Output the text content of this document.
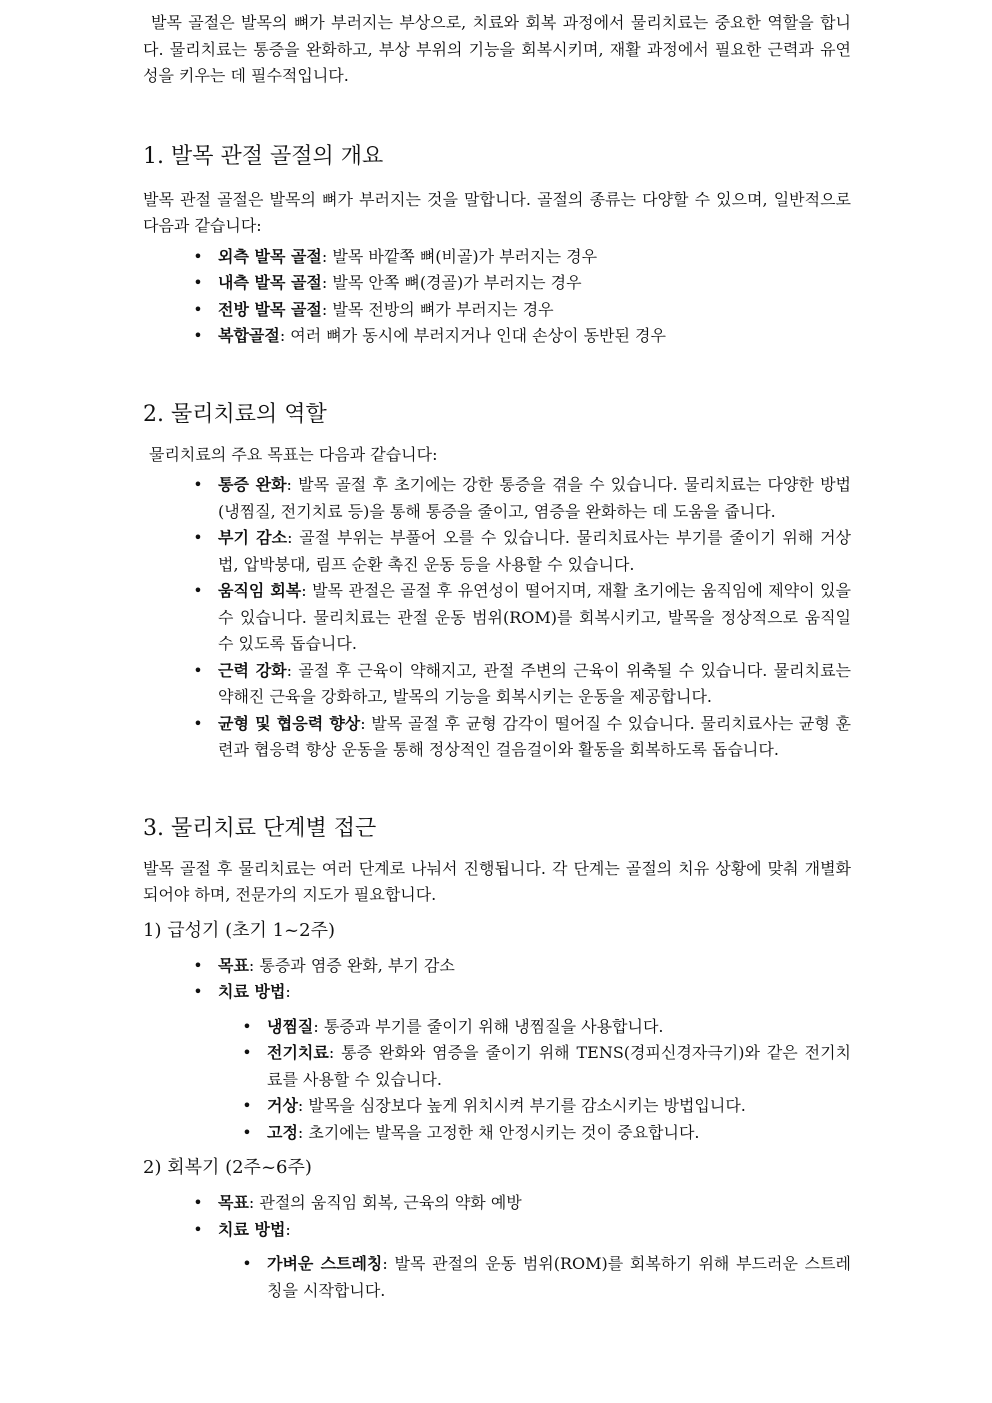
발목 골절은 발목의 뼈가 부러지는 부상으로, 치료와 회복 과정에서 물리치료는 중요한 역할을 합니다. 물리치료는 통증을 완화하고, 부상 부위의 기능을 회복시키며, 재활 과정에서 필요한 근력과 유연성을 키우는 데 필수적입니다.

1. 발목 관절 골절의 개요

발목 관절 골절은 발목의 뼈가 부러지는 것을 말합니다. 골절의 종류는 다양할 수 있으며, 일반적으로 다음과 같습니다:

• 외측 발목 골절: 발목 바깥쪽 뼈(비골)가 부러지는 경우
• 내측 발목 골절: 발목 안쪽 뼈(경골)가 부러지는 경우
• 전방 발목 골절: 발목 전방의 뼈가 부러지는 경우
• 복합골절: 여러 뼈가 동시에 부러지거나 인대 손상이 동반된 경우
2. 물리치료의 역할

물리치료의 주요 목표는 다음과 같습니다:

• 통증 완화: 발목 골절 후 초기에는 강한 통증을 겪을 수 있습니다. 물리치료는 다양한 방법(냉찜질, 전기치료 등)을 통해 통증을 줄이고, 염증을 완화하는 데 도움을 줍니다.
• 부기 감소: 골절 부위는 부풀어 오를 수 있습니다. 물리치료사는 부기를 줄이기 위해 거상법, 압박붕대, 림프 순환 촉진 운동 등을 사용할 수 있습니다.
• 움직임 회복: 발목 관절은 골절 후 유연성이 떨어지며, 재활 초기에는 움직임에 제약이 있을 수 있습니다. 물리치료는 관절 운동 범위(ROM)를 회복시키고, 발목을 정상적으로 움직일 수 있도록 돕습니다.
• 근력 강화: 골절 후 근육이 약해지고, 관절 주변의 근육이 위축될 수 있습니다. 물리치료는 약해진 근육을 강화하고, 발목의 기능을 회복시키는 운동을 제공합니다.
• 균형 및 협응력 향상: 발목 골절 후 균형 감각이 떨어질 수 있습니다. 물리치료사는 균형 훈련과 협응력 향상 운동을 통해 정상적인 걸음걸이와 활동을 회복하도록 돕습니다.
3. 물리치료 단계별 접근

발목 골절 후 물리치료는 여러 단계로 나눠서 진행됩니다. 각 단계는 골절의 치유 상황에 맞춰 개별화되어야 하며, 전문가의 지도가 필요합니다.

1) 급성기 (초기 1~2주)
• 목표: 통증과 염증 완화, 부기 감소
• 치료 방법:
• 냉찜질: 통증과 부기를 줄이기 위해 냉찜질을 사용합니다.
• 전기치료: 통증 완화와 염증을 줄이기 위해 TENS(경피신경자극기)와 같은 전기치료를 사용할 수 있습니다.
• 거상: 발목을 심장보다 높게 위치시켜 부기를 감소시키는 방법입니다.
• 고정: 초기에는 발목을 고정한 채 안정시키는 것이 중요합니다.
2) 회복기 (2주~6주)
• 목표: 관절의 움직임 회복, 근육의 약화 예방
• 치료 방법:
• 가벼운 스트레칭: 발목 관절의 운동 범위(ROM)를 회복하기 위해 부드러운 스트레칭을 시작합니다.
